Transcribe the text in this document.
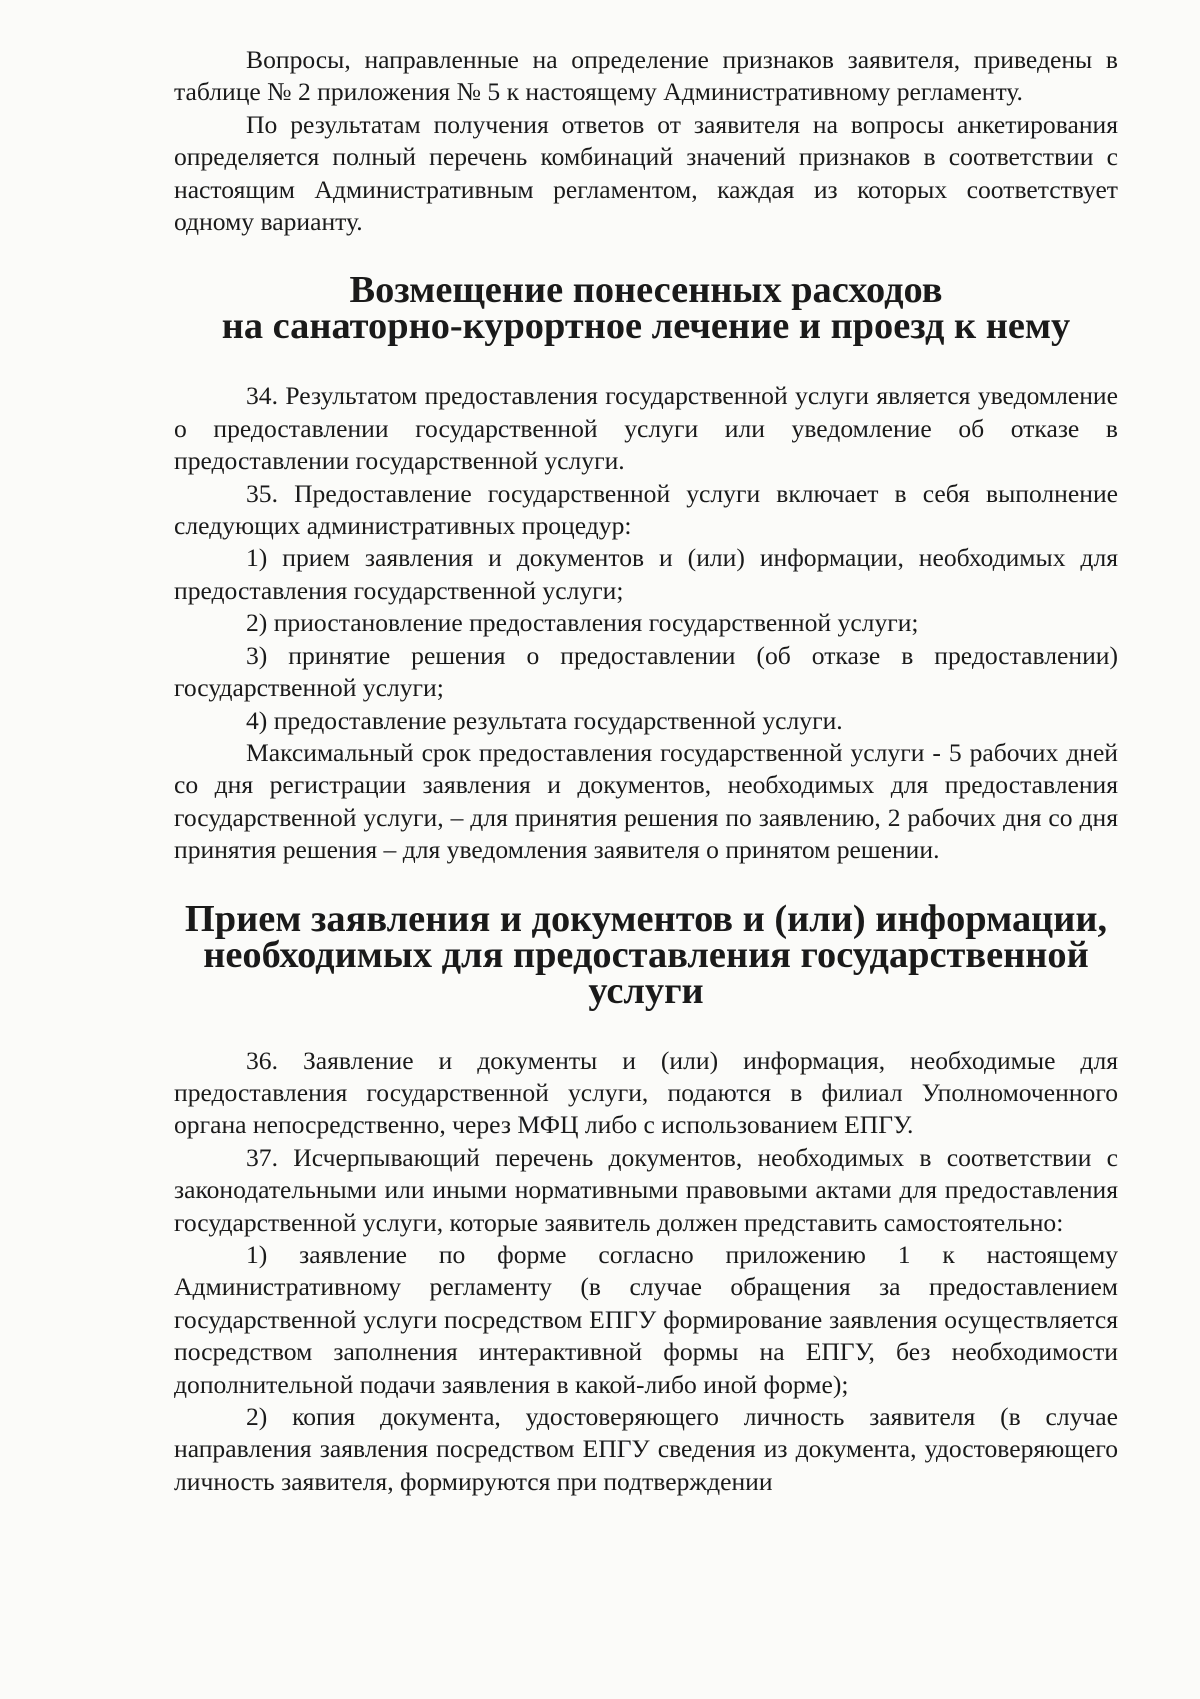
Вопросы, направленные на определение признаков заявителя, приведены в таблице № 2 приложения № 5 к настоящему Административному регламенту.

По результатам получения ответов от заявителя на вопросы анкетирования определяется полный перечень комбинаций значений признаков в соответствии с настоящим Административным регламентом, каждая из которых соответствует одному варианту.

Возмещение понесенных расходов
на санаторно-курортное лечение и проезд к нему

34. Результатом предоставления государственной услуги является уведомление о предоставлении государственной услуги или уведомление об отказе в предоставлении государственной услуги.

35. Предоставление государственной услуги включает в себя выполнение следующих административных процедур:

1) прием заявления и документов и (или) информации, необходимых для предоставления государственной услуги;

2) приостановление предоставления государственной услуги;

3) принятие решения о предоставлении (об отказе в предоставлении) государственной услуги;

4) предоставление результата государственной услуги.

Максимальный срок предоставления государственной услуги - 5 рабочих дней со дня регистрации заявления и документов, необходимых для предоставления государственной услуги, – для принятия решения по заявлению, 2 рабочих дня со дня принятия решения – для уведомления заявителя о принятом решении.

Прием заявления и документов и (или) информации,
необходимых для предоставления государственной услуги

36. Заявление и документы и (или) информация, необходимые для предоставления государственной услуги, подаются в филиал Уполномоченного органа непосредственно, через МФЦ либо с использованием ЕПГУ.

37. Исчерпывающий перечень документов, необходимых в соответствии с законодательными или иными нормативными правовыми актами для предоставления государственной услуги, которые заявитель должен представить самостоятельно:

1) заявление по форме согласно приложению 1 к настоящему Административному регламенту (в случае обращения за предоставлением государственной услуги посредством ЕПГУ формирование заявления осуществляется посредством заполнения интерактивной формы на ЕПГУ, без необходимости дополнительной подачи заявления в какой-либо иной форме);

2) копия документа, удостоверяющего личность заявителя (в случае направления заявления посредством ЕПГУ сведения из документа, удостоверяющего личность заявителя, формируются при подтверждении
